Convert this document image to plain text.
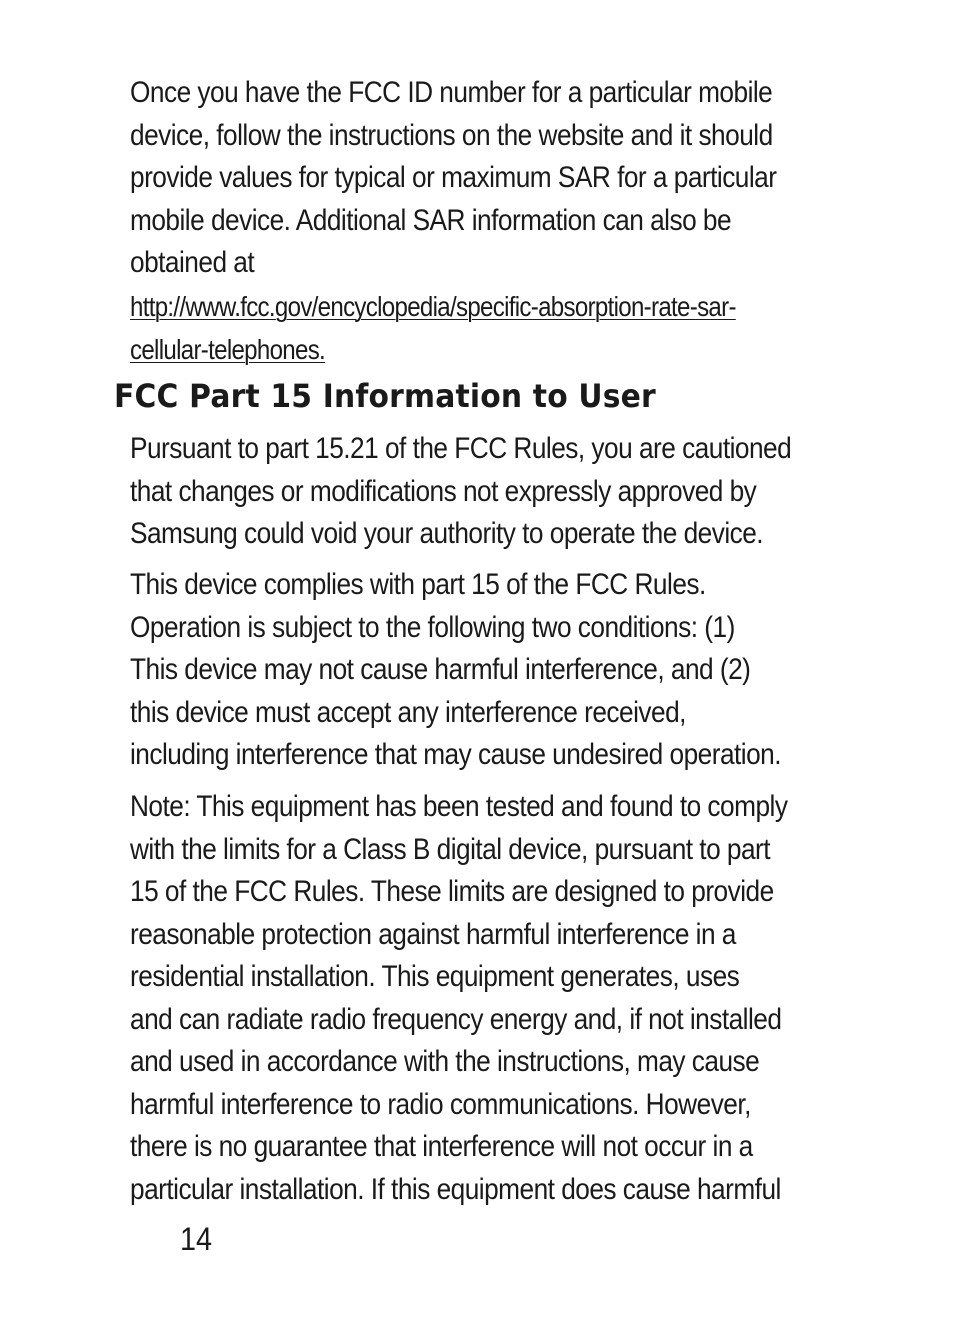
Once you have the FCC ID number for a particular mobile
device, follow the instructions on the website and it should
provide values for typical or maximum SAR for a particular
mobile device. Additional SAR information can also be
obtained at
http://www.fcc.gov/encyclopedia/specific-absorption-rate-sar-
cellular-telephones.
FCC Part 15 Information to User
Pursuant to part 15.21 of the FCC Rules, you are cautioned
that changes or modifications not expressly approved by
Samsung could void your authority to operate the device.
This device complies with part 15 of the FCC Rules.
Operation is subject to the following two conditions: (1)
This device may not cause harmful interference, and (2)
this device must accept any interference received,
including interference that may cause undesired operation.
Note: This equipment has been tested and found to comply
with the limits for a Class B digital device, pursuant to part
15 of the FCC Rules. These limits are designed to provide
reasonable protection against harmful interference in a
residential installation. This equipment generates, uses
and can radiate radio frequency energy and, if not installed
and used in accordance with the instructions, may cause
harmful interference to radio communications. However,
there is no guarantee that interference will not occur in a
particular installation. If this equipment does cause harmful
14
